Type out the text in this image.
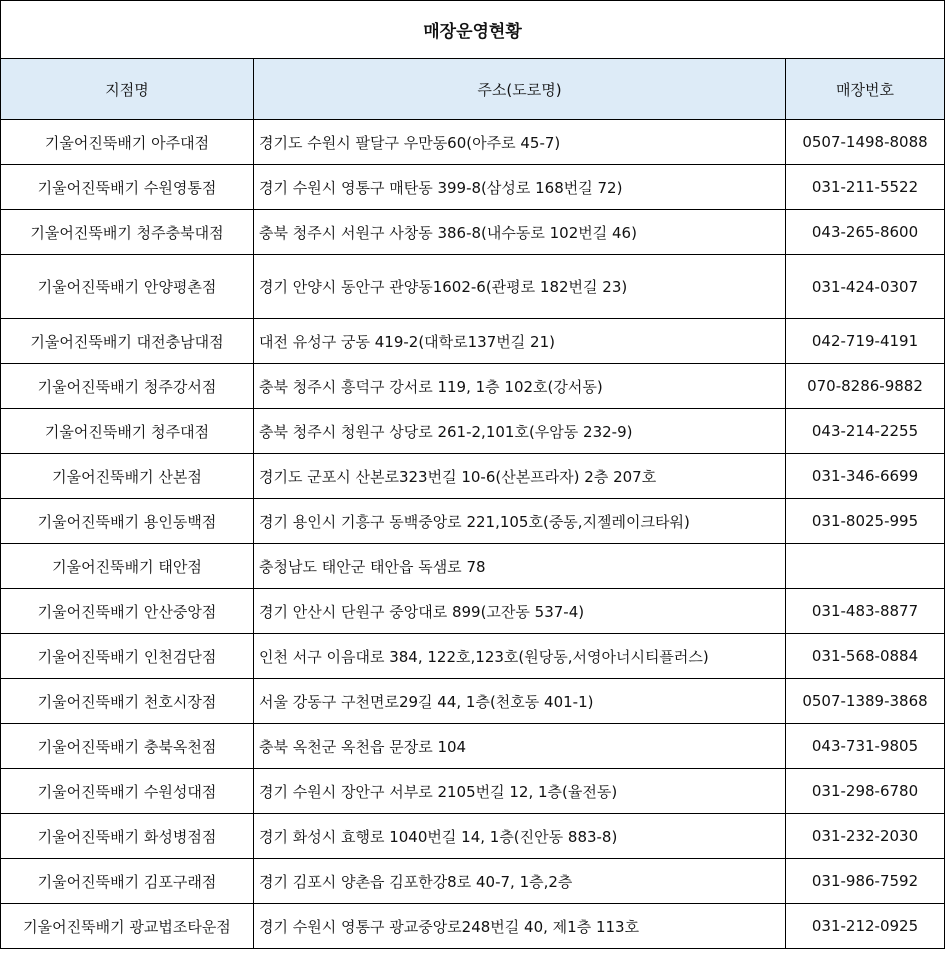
매장운영현황		
지점명	주소(도로명)	매장번호
기울어진뚝배기 아주대점	경기도 수원시 팔달구 우만동60(아주로 45-7)	0507-1498-8088
기울어진뚝배기 수원영통점	경기 수원시 영통구 매탄동 399-8(삼성로 168번길 72)	031-211-5522
기울어진뚝배기 청주충북대점	충북 청주시 서원구 사창동 386-8(내수동로 102번길 46)	043-265-8600
기울어진뚝배기 안양평촌점	경기 안양시 동안구 관양동1602-6(관평로 182번길 23)	031-424-0307
기울어진뚝배기 대전충남대점	대전 유성구 궁동 419-2(대학로137번길 21)	042-719-4191
기울어진뚝배기 청주강서점	충북 청주시 흥덕구 강서로 119, 1층 102호(강서동)	070-8286-9882
기울어진뚝배기 청주대점	충북 청주시 청원구 상당로 261-2,101호(우암동 232-9)	043-214-2255
기울어진뚝배기 산본점	경기도 군포시 산본로323번길 10-6(산본프라자) 2층 207호	031-346-6699
기울어진뚝배기 용인동백점	경기 용인시 기흥구 동백중앙로 221,105호(중동,지젤레이크타워)	031-8025-995
기울어진뚝배기 태안점	충청남도 태안군 태안읍 독샘로 78	
기울어진뚝배기 안산중앙점	경기 안산시 단원구 중앙대로 899(고잔동 537-4)	031-483-8877
기울어진뚝배기 인천검단점	인천 서구 이음대로 384, 122호,123호(원당동,서영아너시티플러스)	031-568-0884
기울어진뚝배기 천호시장점	서울 강동구 구천면로29길 44, 1층(천호동 401-1)	0507-1389-3868
기울어진뚝배기 충북옥천점	충북 옥천군 옥천읍 문장로 104	043-731-9805
기울어진뚝배기 수원성대점	경기 수원시 장안구 서부로 2105번길 12, 1층(율전동)	031-298-6780
기울어진뚝배기 화성병점점	경기 화성시 효행로 1040번길 14, 1층(진안동 883-8)	031-232-2030
기울어진뚝배기 김포구래점	경기 김포시 양촌읍 김포한강8로 40-7, 1층,2층	031-986-7592
기울어진뚝배기 광교법조타운점	경기 수원시 영통구 광교중앙로248번길 40, 제1층 113호	031-212-0925
